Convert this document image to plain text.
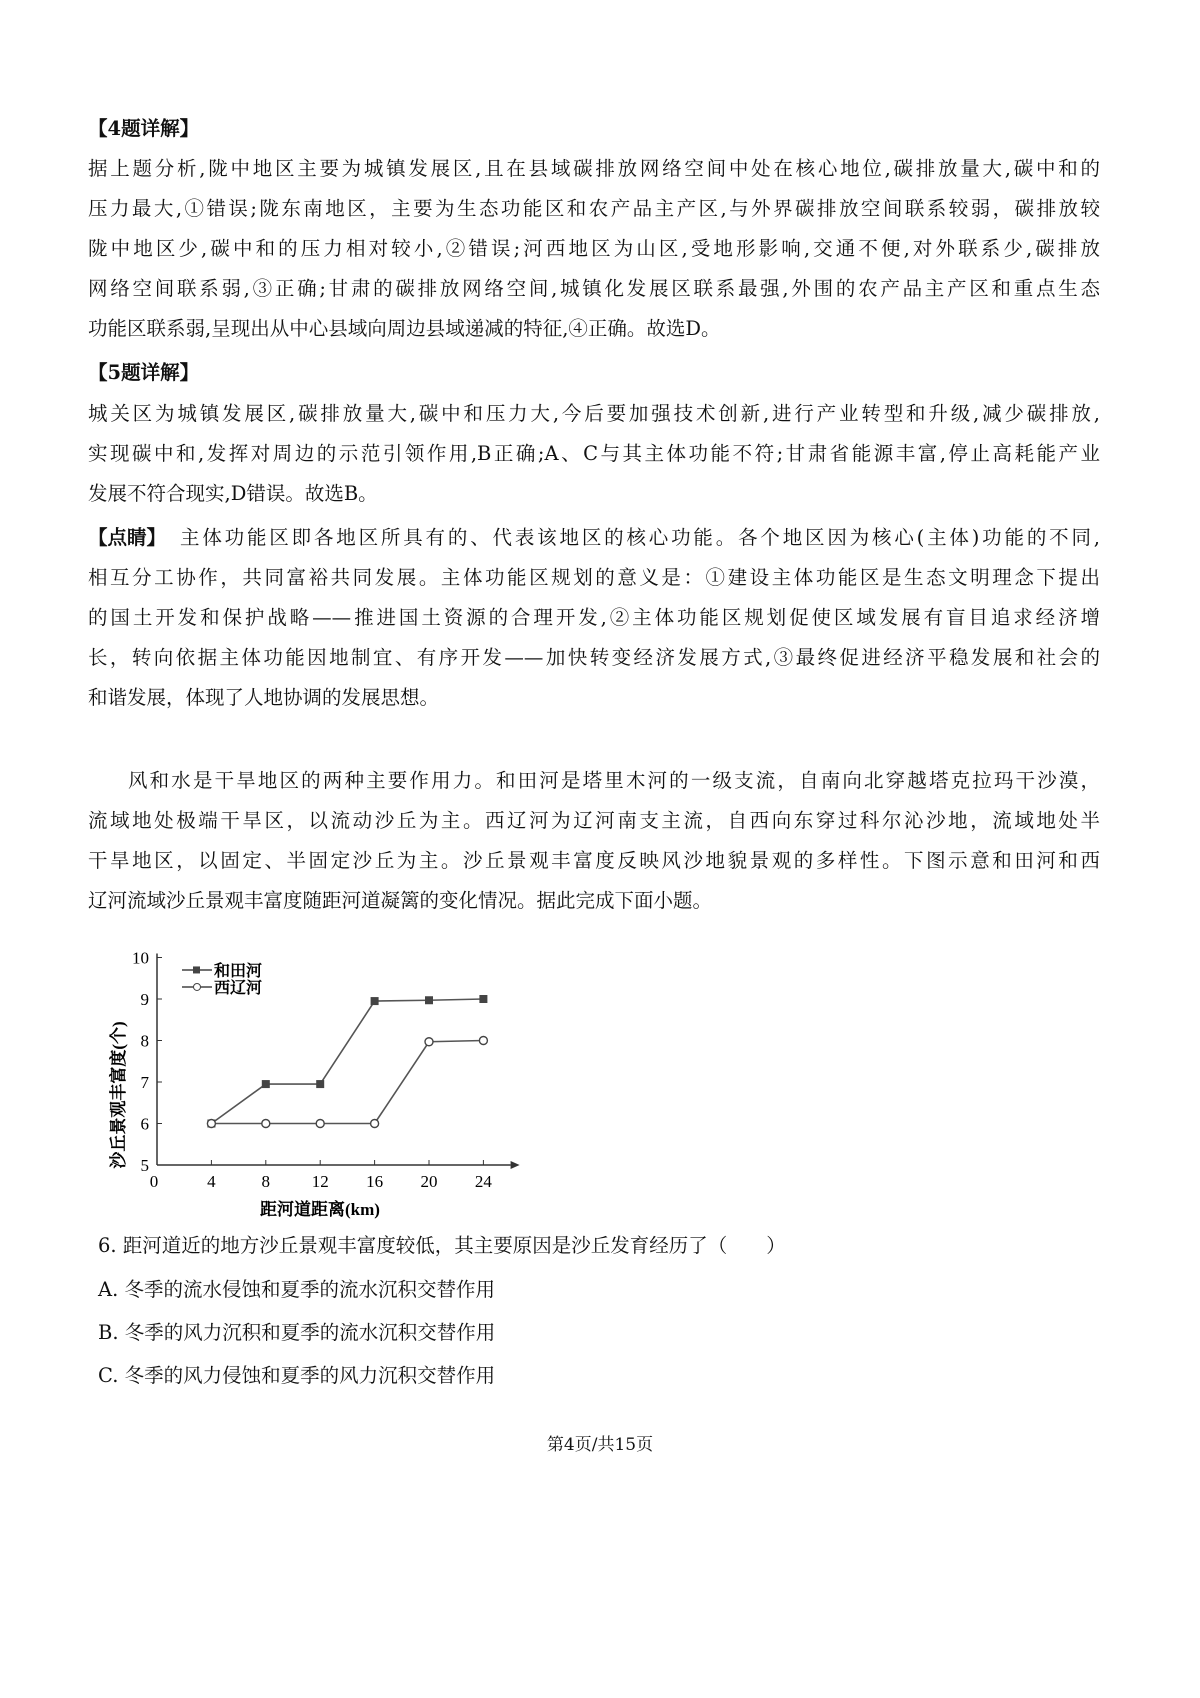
【4题详解】
据上题分析,陇中地区主要为城镇发展区,且在县域碳排放网络空间中处在核心地位,碳排放量大,碳中和的
压力最大,①错误;陇东南地区，主要为生态功能区和农产品主产区,与外界碳排放空间联系较弱，碳排放较
陇中地区少,碳中和的压力相对较小,②错误;河西地区为山区,受地形影响,交通不便,对外联系少,碳排放
网络空间联系弱,③正确;甘肃的碳排放网络空间,城镇化发展区联系最强,外围的农产品主产区和重点生态
功能区联系弱,呈现出从中心县域向周边县域递减的特征,④正确。故选D。
【5题详解】
城关区为城镇发展区,碳排放量大,碳中和压力大,今后要加强技术创新,进行产业转型和升级,减少碳排放,
实现碳中和,发挥对周边的示范引领作用,B正确;A、C与其主体功能不符;甘肃省能源丰富,停止高耗能产业
发展不符合现实,D错误。故选B。
【点睛】 主体功能区即各地区所具有的、代表该地区的核心功能。各个地区因为核心(主体)功能的不同,
相互分工协作，共同富裕共同发展。主体功能区规划的意义是：①建设主体功能区是生态文明理念下提出
的国土开发和保护战略——推进国土资源的合理开发,②主体功能区规划促使区域发展有盲目追求经济增
长，转向依据主体功能因地制宜、有序开发——加快转变经济发展方式,③最终促进经济平稳发展和社会的
和谐发展，体现了人地协调的发展思想。
风和水是干旱地区的两种主要作用力。和田河是塔里木河的一级支流，自南向北穿越塔克拉玛干沙漠，
流域地处极端干旱区，以流动沙丘为主。西辽河为辽河南支主流，自西向东穿过科尔沁沙地，流域地处半
干旱地区，以固定、半固定沙丘为主。沙丘景观丰富度反映风沙地貌景观的多样性。下图示意和田河和西
辽河流域沙丘景观丰富度随距河道凝篱的变化情况。据此完成下面小题。
5
6
7
8
9
10
0	4	8 12 16 20 24
和田河
西辽河
沙丘景观丰富度(个)
距河道距离(km)
6. 距河道近的地方沙丘景观丰富度较低，其主要原因是沙丘发育经历了（　　）
A. 冬季的流水侵蚀和夏季的流水沉积交替作用
B. 冬季的风力沉积和夏季的流水沉积交替作用
C. 冬季的风力侵蚀和夏季的风力沉积交替作用
第4页/共15页
